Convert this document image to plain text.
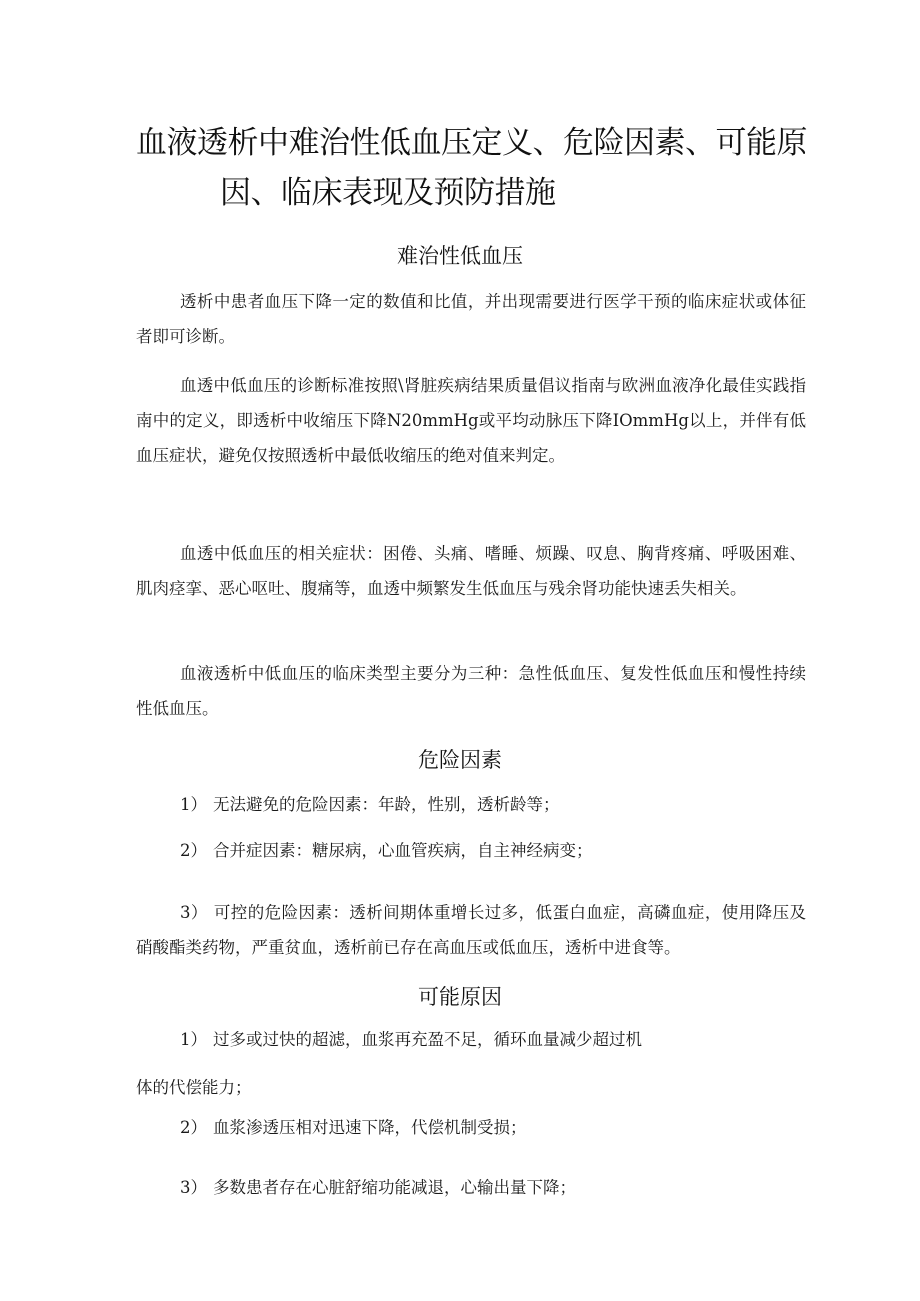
血液透析中难治性低血压定义、危险因素、可能原
因、临床表现及预防措施
难治性低血压

透析中患者血压下降一定的数值和比值，并出现需要进行医学干预的临床症状或体征者即可诊断。

血透中低血压的诊断标准按照\肾脏疾病结果质量倡议指南与欧洲血液净化最佳实践指南中的定义，即透析中收缩压下降N20mmHg或平均动脉压下降IOmmHg以上，并伴有低血压症状，避免仅按照透析中最低收缩压的绝对值来判定。

血透中低血压的相关症状：困倦、头痛、嗜睡、烦躁、叹息、胸背疼痛、呼吸困难、肌肉痉挛、恶心呕吐、腹痛等，血透中频繁发生低血压与残余肾功能快速丢失相关。

血液透析中低血压的临床类型主要分为三种：急性低血压、复发性低血压和慢性持续性低血压。

危险因素

1） 无法避免的危险因素：年龄，性别，透析龄等；

2） 合并症因素：糖尿病，心血管疾病，自主神经病变；

3） 可控的危险因素：透析间期体重增长过多，低蛋白血症，高磷血症，使用降压及硝酸酯类药物，严重贫血，透析前已存在高血压或低血压，透析中进食等。

可能原因

1） 过多或过快的超滤，血浆再充盈不足，循环血量减少超过机

体的代偿能力；

2） 血浆渗透压相对迅速下降，代偿机制受损；

3） 多数患者存在心脏舒缩功能减退，心输出量下降；
